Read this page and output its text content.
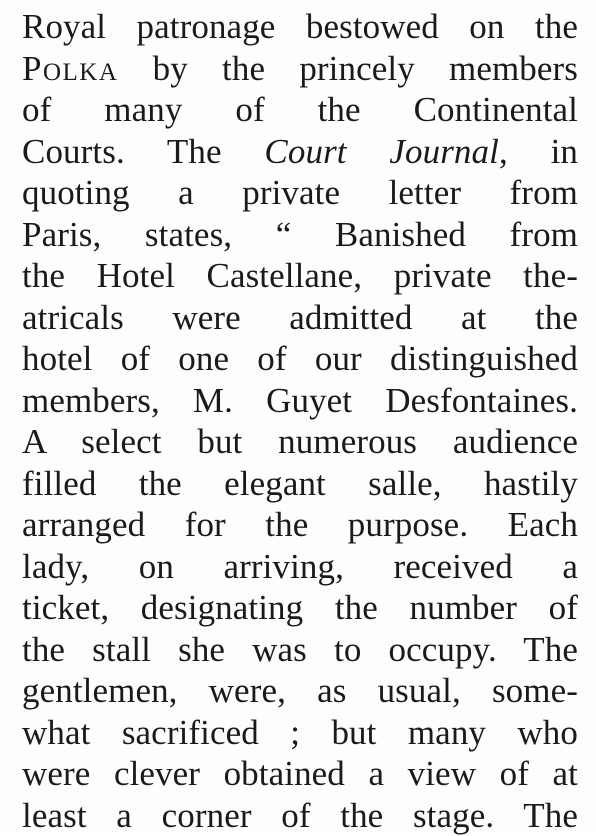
Royal patronage bestowed on the
Polka by the princely members
of many of the Continental
Courts. The Court Journal, in
quoting a private letter from
Paris, states, “ Banished from
the Hotel Castellane, private the-
atricals were admitted at the
hotel of one of our distinguished
members, M. Guyet Desfontaines.
A select but numerous audience
filled the elegant salle, hastily
arranged for the purpose. Each
lady, on arriving, received a
ticket, designating the number of
the stall she was to occupy. The
gentlemen, were, as usual, some-
what sacrificed ; but many who
were clever obtained a view of at
least a corner of the stage. The
